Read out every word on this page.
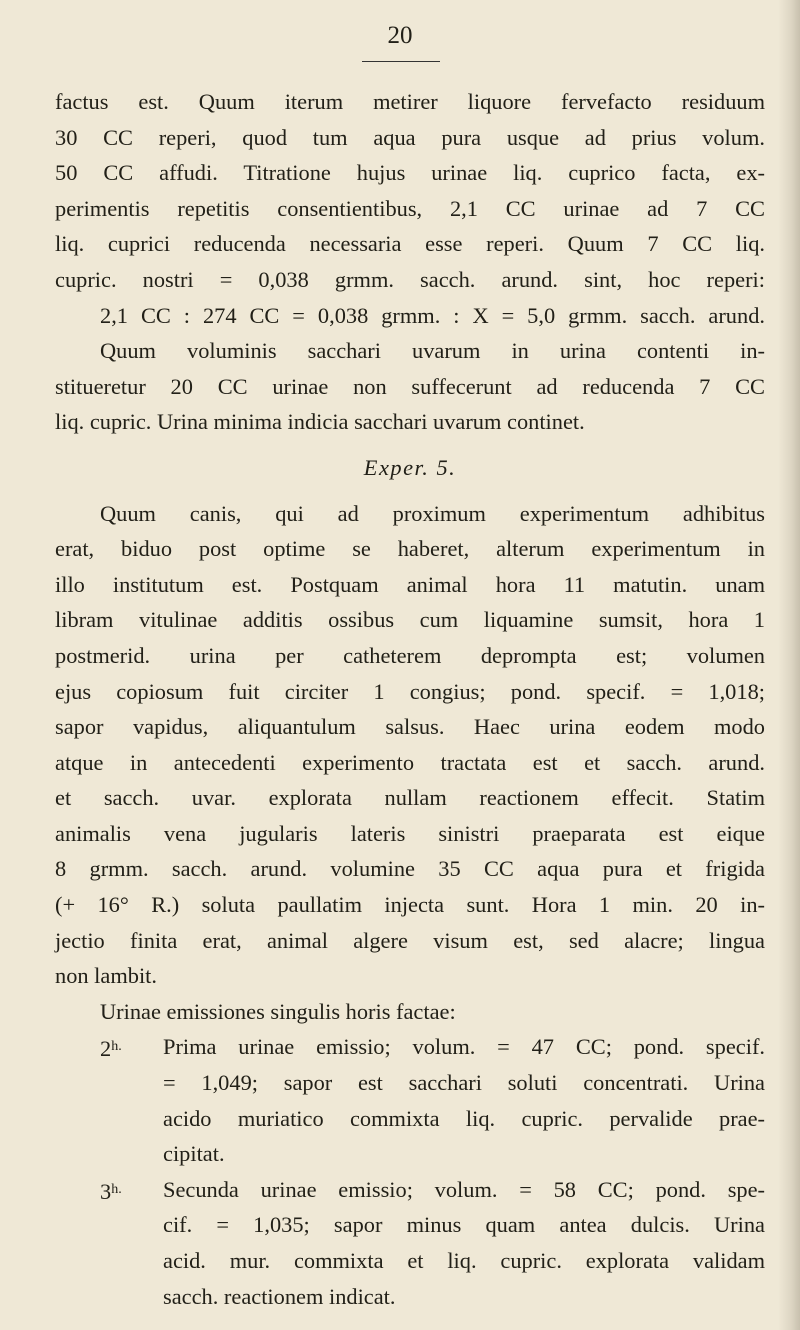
20
factus est. Quum iterum metirer liquore fervefacto residuum
30 CC reperi, quod tum aqua pura usque ad prius volum.
50 CC affudi. Titratione hujus urinae liq. cuprico facta, ex-
perimentis repetitis consentientibus, 2,1 CC urinae ad 7 CC
liq. cuprici reducenda necessaria esse reperi. Quum 7 CC liq.
cupric. nostri = 0,038 grmm. sacch. arund. sint, hoc reperi:
2,1 CC : 274 CC = 0,038 grmm. : X = 5,0 grmm. sacch. arund.
Quum voluminis sacchari uvarum in urina contenti in-
stitueretur 20 CC urinae non suffecerunt ad reducenda 7 CC
liq. cupric. Urina minima indicia sacchari uvarum continet.
Exper. 5.
Quum canis, qui ad proximum experimentum adhibitus
erat, biduo post optime se haberet, alterum experimentum in
illo institutum est. Postquam animal hora 11 matutin. unam
libram vitulinae additis ossibus cum liquamine sumsit, hora 1
postmerid. urina per catheterem deprompta est; volumen
ejus copiosum fuit circiter 1 congius; pond. specif. = 1,018;
sapor vapidus, aliquantulum salsus. Haec urina eodem modo
atque in antecedenti experimento tractata est et sacch. arund.
et sacch. uvar. explorata nullam reactionem effecit. Statim
animalis vena jugularis lateris sinistri praeparata est eique
8 grmm. sacch. arund. volumine 35 CC aqua pura et frigida
(+ 16° R.) soluta paullatim injecta sunt. Hora 1 min. 20 in-
jectio finita erat, animal algere visum est, sed alacre; lingua
non lambit.
Urinae emissiones singulis horis factae:
$2^{h.}$	Prima urinae emissio; volum. = 47 CC; pond. specif.
= 1,049; sapor est sacchari soluti concentrati. Urina
acido muriatico commixta liq. cupric. pervalide prae-
cipitat.
$3^{h.}$	Secunda urinae emissio; volum. = 58 CC; pond. spe-
cif. = 1,035; sapor minus quam antea dulcis. Urina
acid. mur. commixta et liq. cupric. explorata validam
sacch. reactionem indicat.
